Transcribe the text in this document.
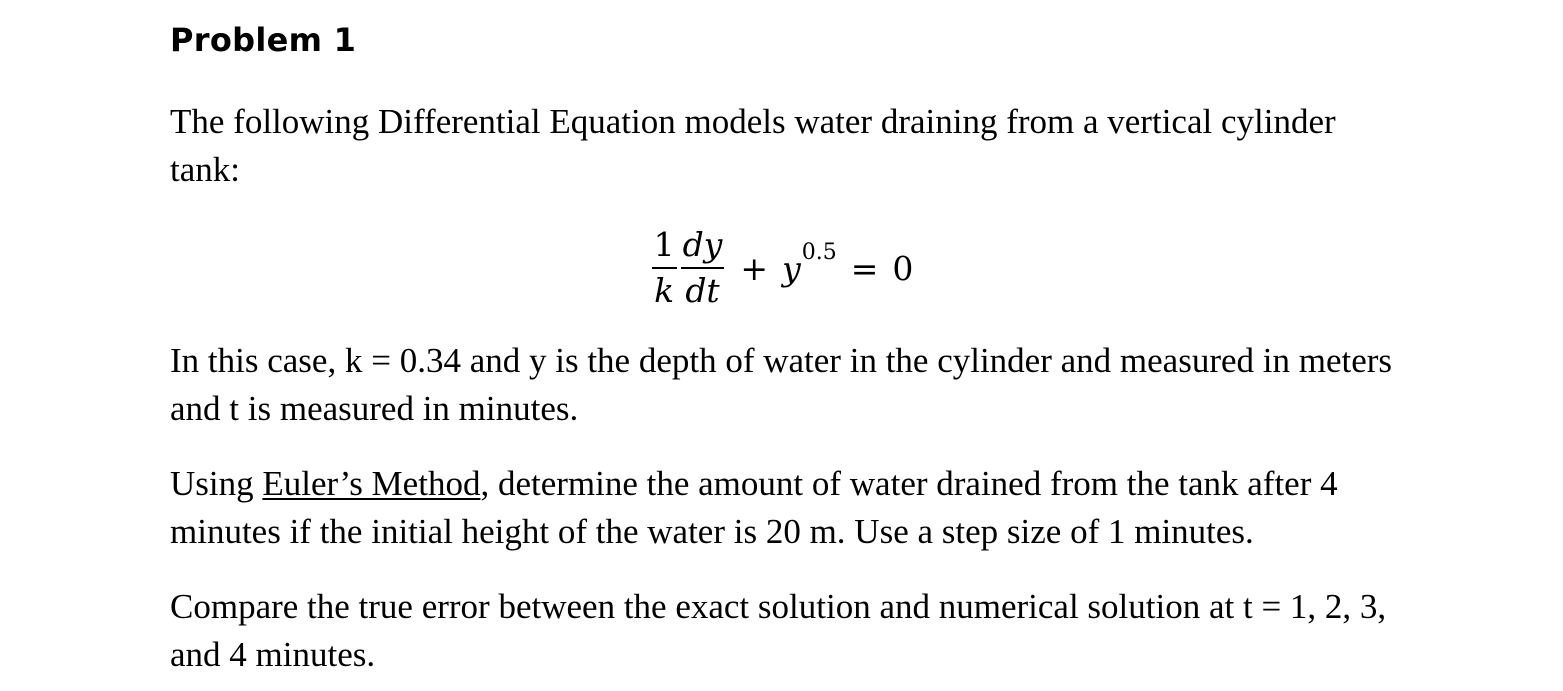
Problem 1

The following Differential Equation models water draining from a vertical cylinder tank:

$\frac{1}{k} \frac{dy}{dt} + y$ 0.5 = 0

In this case, k = 0.34 and y is the depth of water in the cylinder and measured in meters and t is measured in minutes.

Using Euler’s Method, determine the amount of water drained from the tank after 4 minutes if the initial height of the water is 20 m. Use a step size of 1 minutes.

Compare the true error between the exact solution and numerical solution at t = 1, 2, 3, and 4 minutes.
